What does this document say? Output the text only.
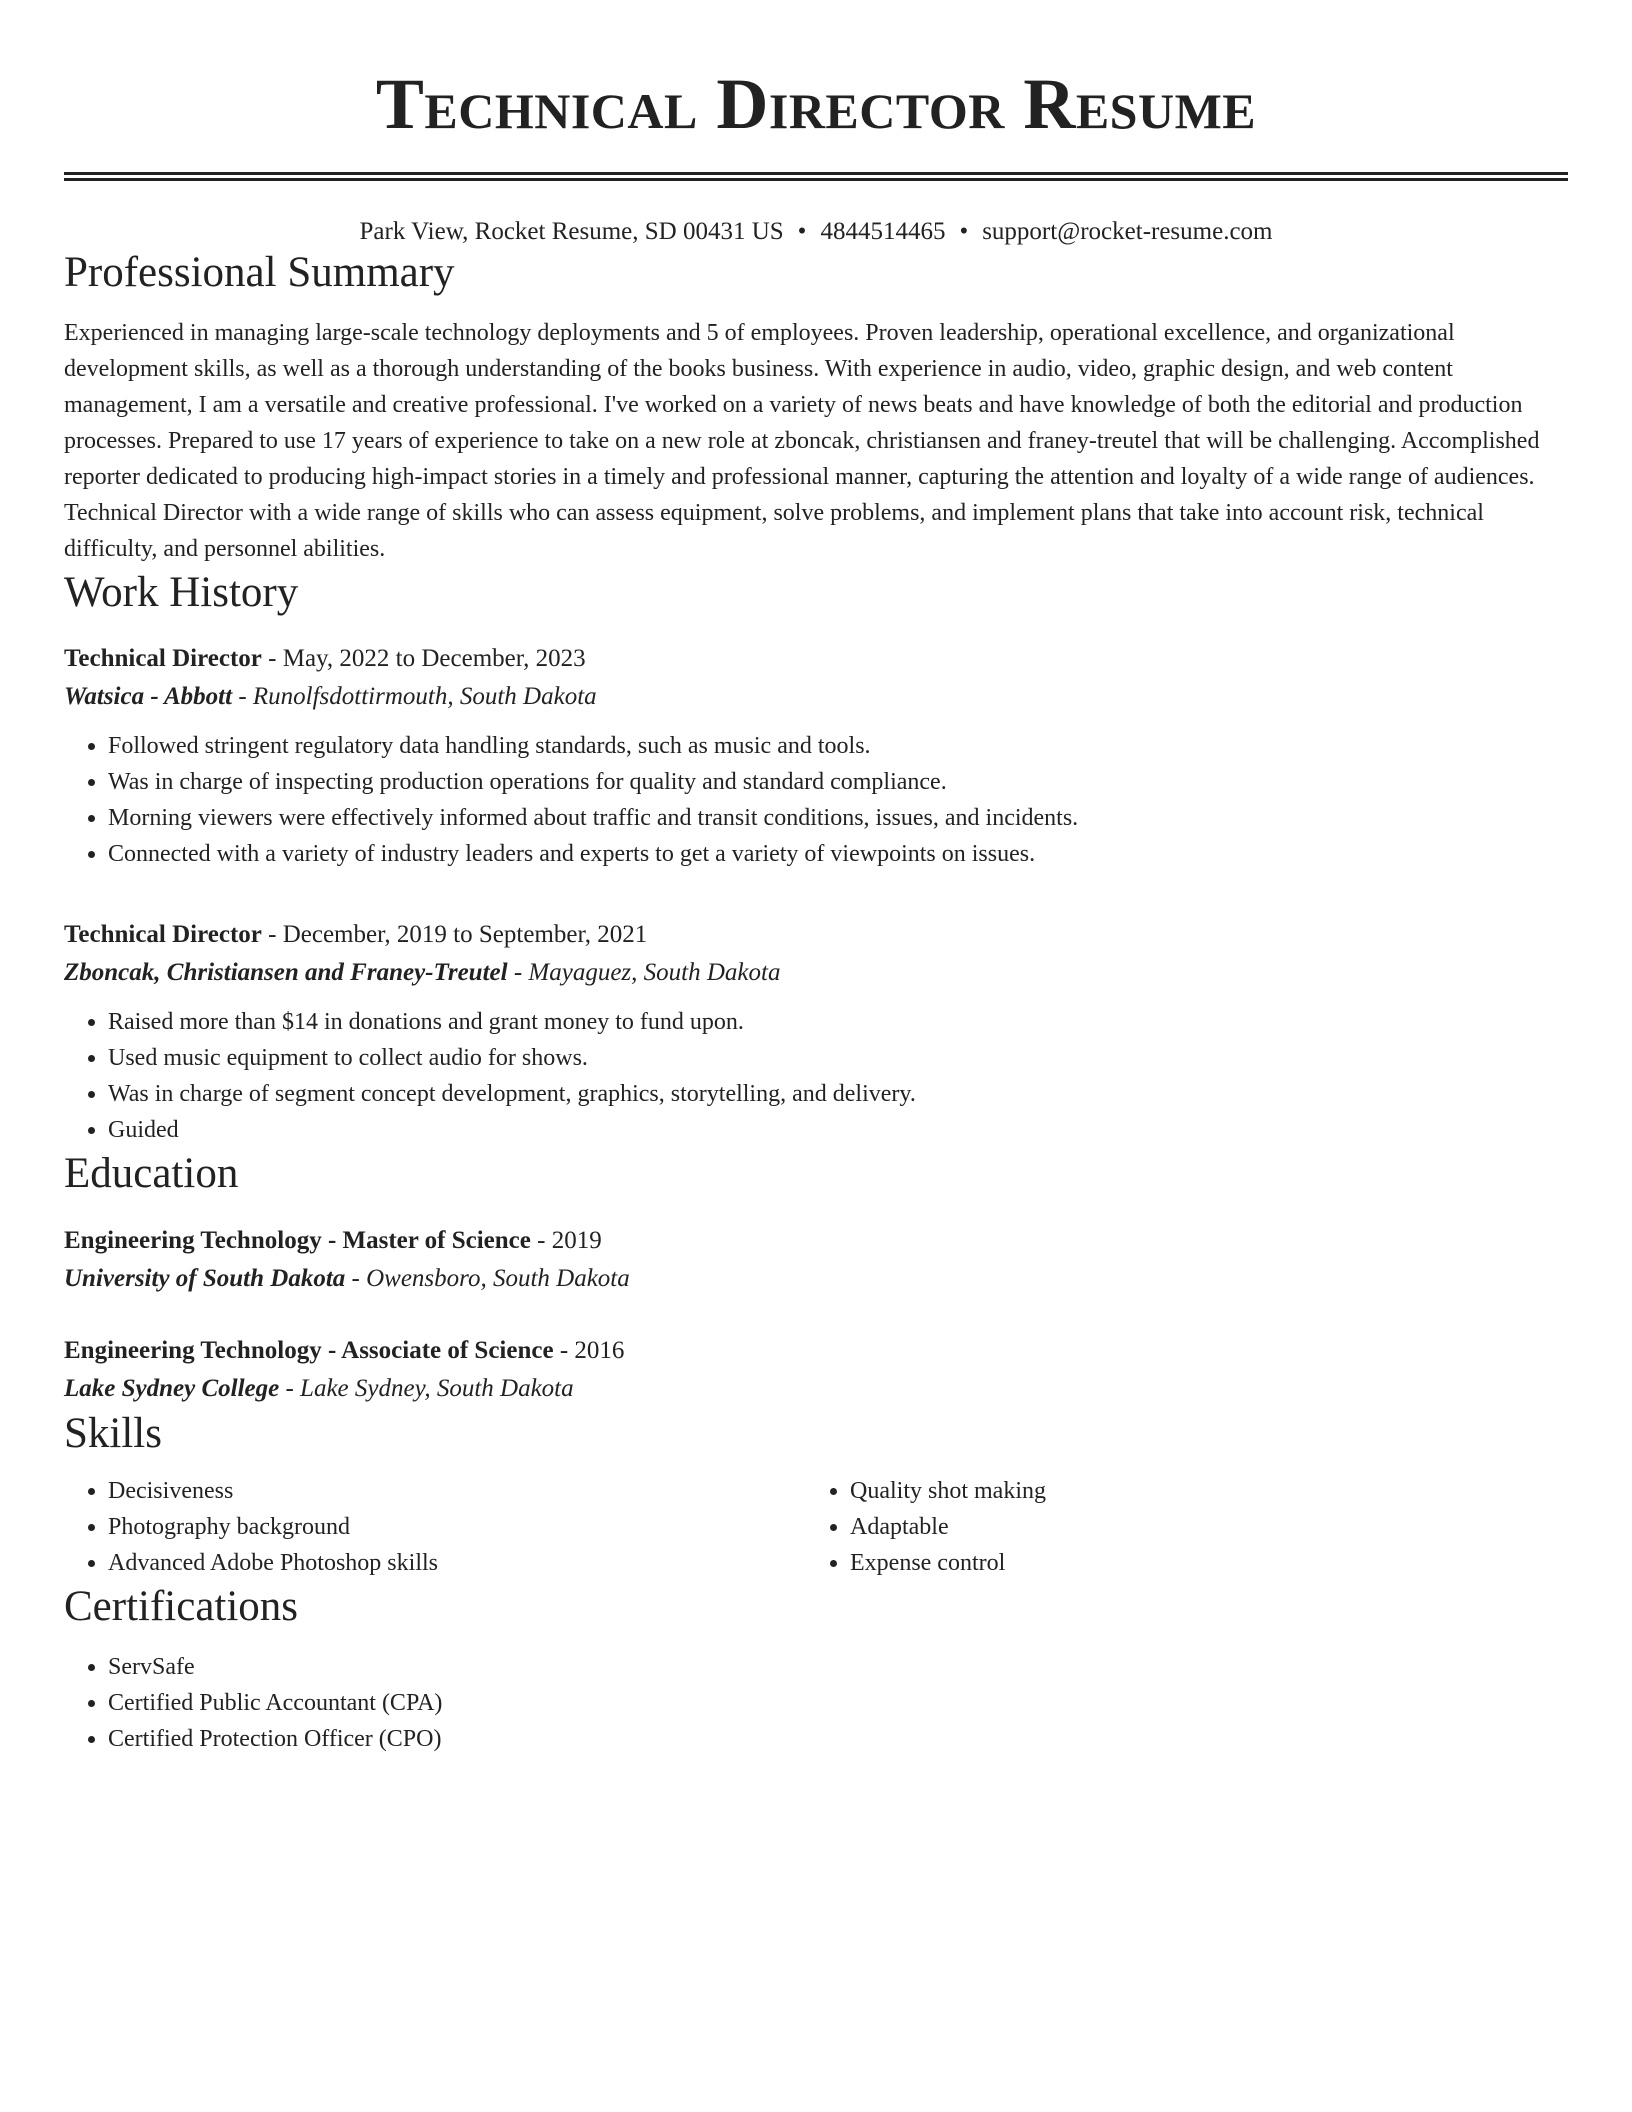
Technical Director Resume
Park View, Rocket Resume, SD 00431 US • 4844514465 • support@rocket-resume.com
Professional Summary

Experienced in managing large-scale technology deployments and 5 of employees. Proven leadership, operational excellence, and organizational development skills, as well as a thorough understanding of the books business. With experience in audio, video, graphic design, and web content management, I am a versatile and creative professional. I've worked on a variety of news beats and have knowledge of both the editorial and production processes. Prepared to use 17 years of experience to take on a new role at zboncak, christiansen and franey-treutel that will be challenging. Accomplished reporter dedicated to producing high-impact stories in a timely and professional manner, capturing the attention and loyalty of a wide range of audiences. Technical Director with a wide range of skills who can assess equipment, solve problems, and implement plans that take into account risk, technical difficulty, and personnel abilities.

Work History
Technical Director - May, 2022 to December, 2023
Watsica - Abbott - Runolfsdottirmouth, South Dakota
• Followed stringent regulatory data handling standards, such as music and tools.
• Was in charge of inspecting production operations for quality and standard compliance.
• Morning viewers were effectively informed about traffic and transit conditions, issues, and incidents.
• Connected with a variety of industry leaders and experts to get a variety of viewpoints on issues.
Technical Director - December, 2019 to September, 2021
Zboncak, Christiansen and Franey-Treutel - Mayaguez, South Dakota
• Raised more than $14 in donations and grant money to fund upon.
• Used music equipment to collect audio for shows.
• Was in charge of segment concept development, graphics, storytelling, and delivery.
• Guided
Education
Engineering Technology - Master of Science - 2019
University of South Dakota - Owensboro, South Dakota
Engineering Technology - Associate of Science - 2016
Lake Sydney College - Lake Sydney, South Dakota
Skills
• Decisiveness
• Photography background
• Advanced Adobe Photoshop skills
• Quality shot making
• Adaptable
• Expense control
Certifications
• ServSafe
• Certified Public Accountant (CPA)
• Certified Protection Officer (CPO)
